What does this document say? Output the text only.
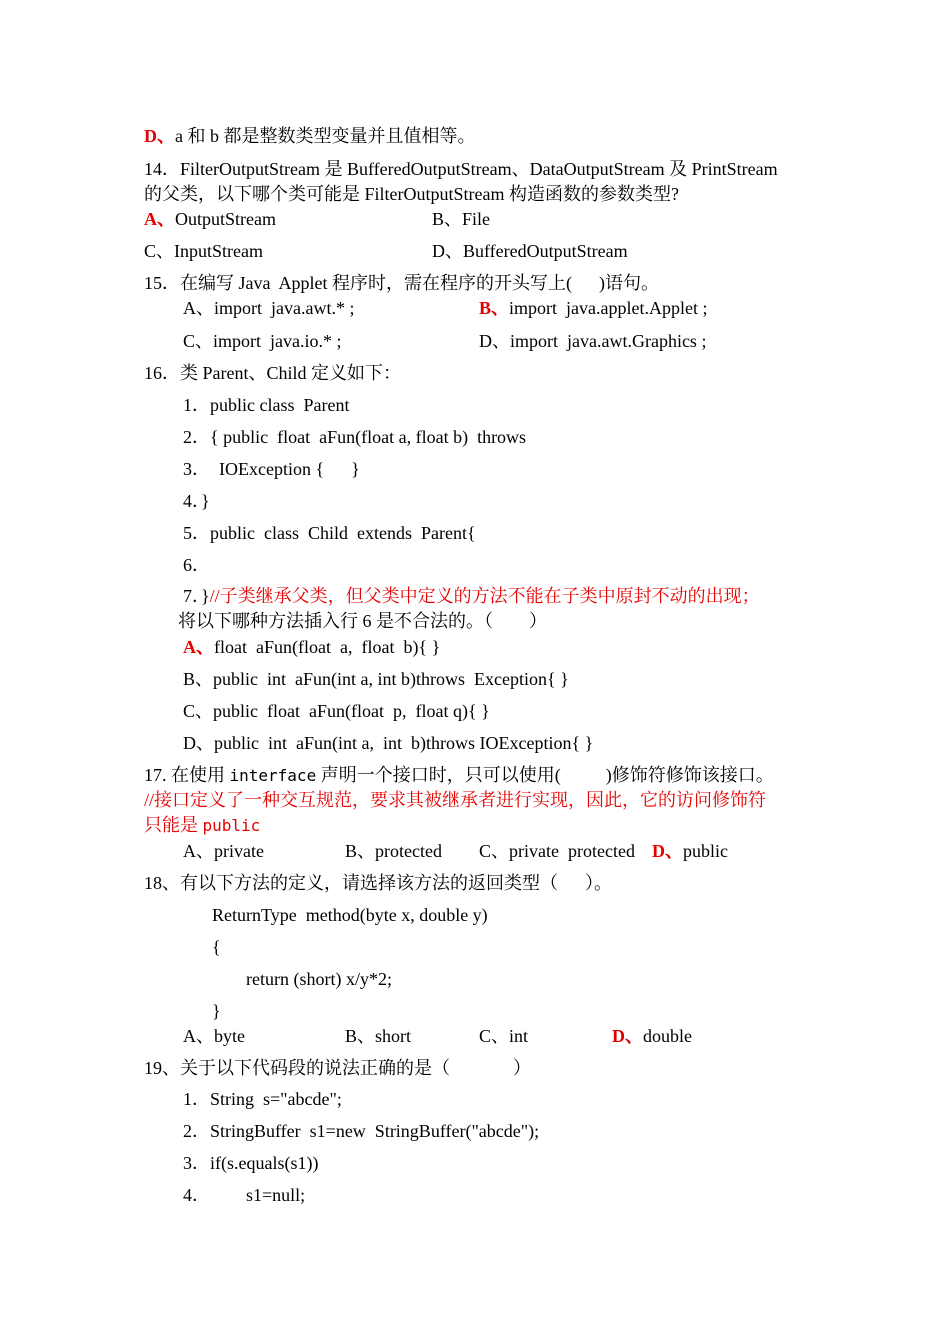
D、a 和 b 都是整数类型变量并且值相等。
14．FilterOutputStream 是 BufferedOutputStream、DataOutputStream 及 PrintStream
的父类，以下哪个类可能是 FilterOutputStream 构造函数的参数类型?
A、OutputStream	B、File
C、InputStream	D、BufferedOutputStream
15．在编写 Java  Applet 程序时，需在程序的开头写上(      )语句。
A、import  java.awt.* ;	B、import  java.applet.Applet ;
C、import  java.io.* ;	D、import  java.awt.Graphics ;
16．类 Parent、Child 定义如下：
1．public class  Parent
2．{ public  float  aFun(float a, float b)  throws
3．  IOException {      }
4．}
5．public  class  Child  extends  Parent{
6．
7．}//子类继承父类，但父类中定义的方法不能在子类中原封不动的出现；
将以下哪种方法插入行 6 是不合法的。（        ）
A、float  aFun(float  a,  float  b){ }
B、public  int  aFun(int a, int b)throws  Exception{ }
C、public  float  aFun(float  p,  float q){ }
D、public  int  aFun(int a,  int  b)throws IOException{ }
17. 在使用 interface 声明一个接口时，只可以使用(          )修饰符修饰该接口。
//接口定义了一种交互规范，要求其被继承者进行实现，因此，它的访问修饰符
只能是 public
A、private	B、protected C、private  protected D、public
18、有以下方法的定义，请选择该方法的返回类型（      ）。
ReturnType  method(byte x, double y)
{
return (short) x/y*2;
}
A、byte	B、short	C、int	D、double
19、关于以下代码段的说法正确的是（              ）
1．String  s="abcde";
2．StringBuffer  s1=new  StringBuffer("abcde");
3．if(s.equals(s1))
4．        s1=null;
